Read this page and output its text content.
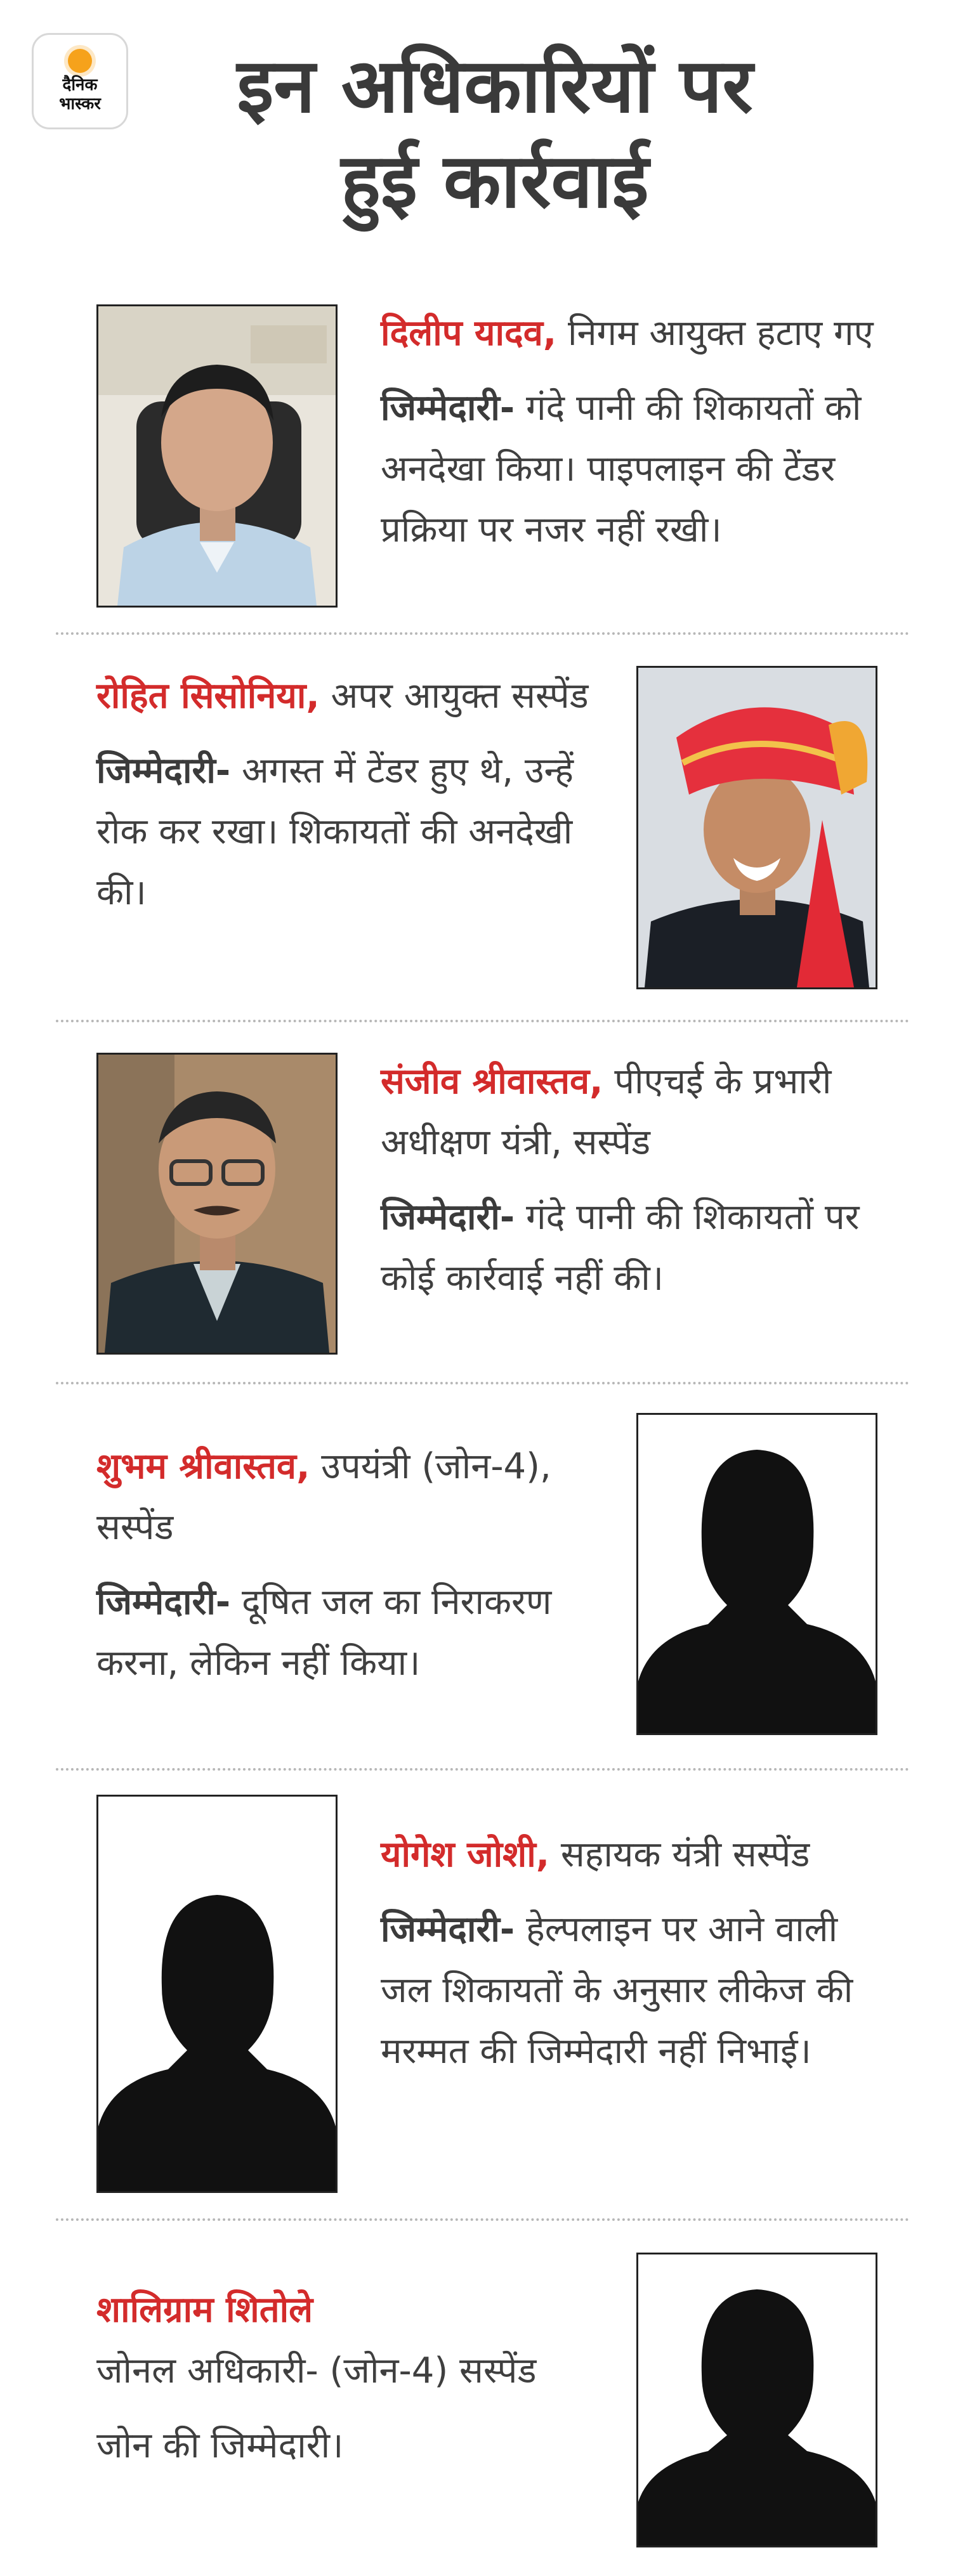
दैनिक
भास्कर	इन अधिकारियों पर
हुई कार्रवाई
दिलीप यादव, निगम आयुक्त हटाए गए
जिम्मेदारी- गंदे पानी की शिकायतों को अनदेखा किया। पाइपलाइन की टेंडर प्रक्रिया पर नजर नहीं रखी।
रोहित सिसोनिया, अपर आयुक्त सस्पेंड
जिम्मेदारी- अगस्त में टेंडर हुए थे, उन्हें रोक कर रखा। शिकायतों की अनदेखी की।
संजीव श्रीवास्तव, पीएचई के प्रभारी अधीक्षण यंत्री, सस्पेंड
जिम्मेदारी- गंदे पानी की शिकायतों पर कोई कार्रवाई नहीं की।
शुभम श्रीवास्तव, उपयंत्री (जोन-4), सस्पेंड
जिम्मेदारी- दूषित जल का निराकरण करना, लेकिन नहीं किया।
योगेश जोशी, सहायक यंत्री सस्पेंड
जिम्मेदारी- हेल्पलाइन पर आने वाली जल शिकायतों के अनुसार लीकेज की मरम्मत की जिम्मेदारी नहीं निभाई।
शालिग्राम शितोले
जोनल अधिकारी- (जोन-4) सस्पेंड
जोन की जिम्मेदारी।
